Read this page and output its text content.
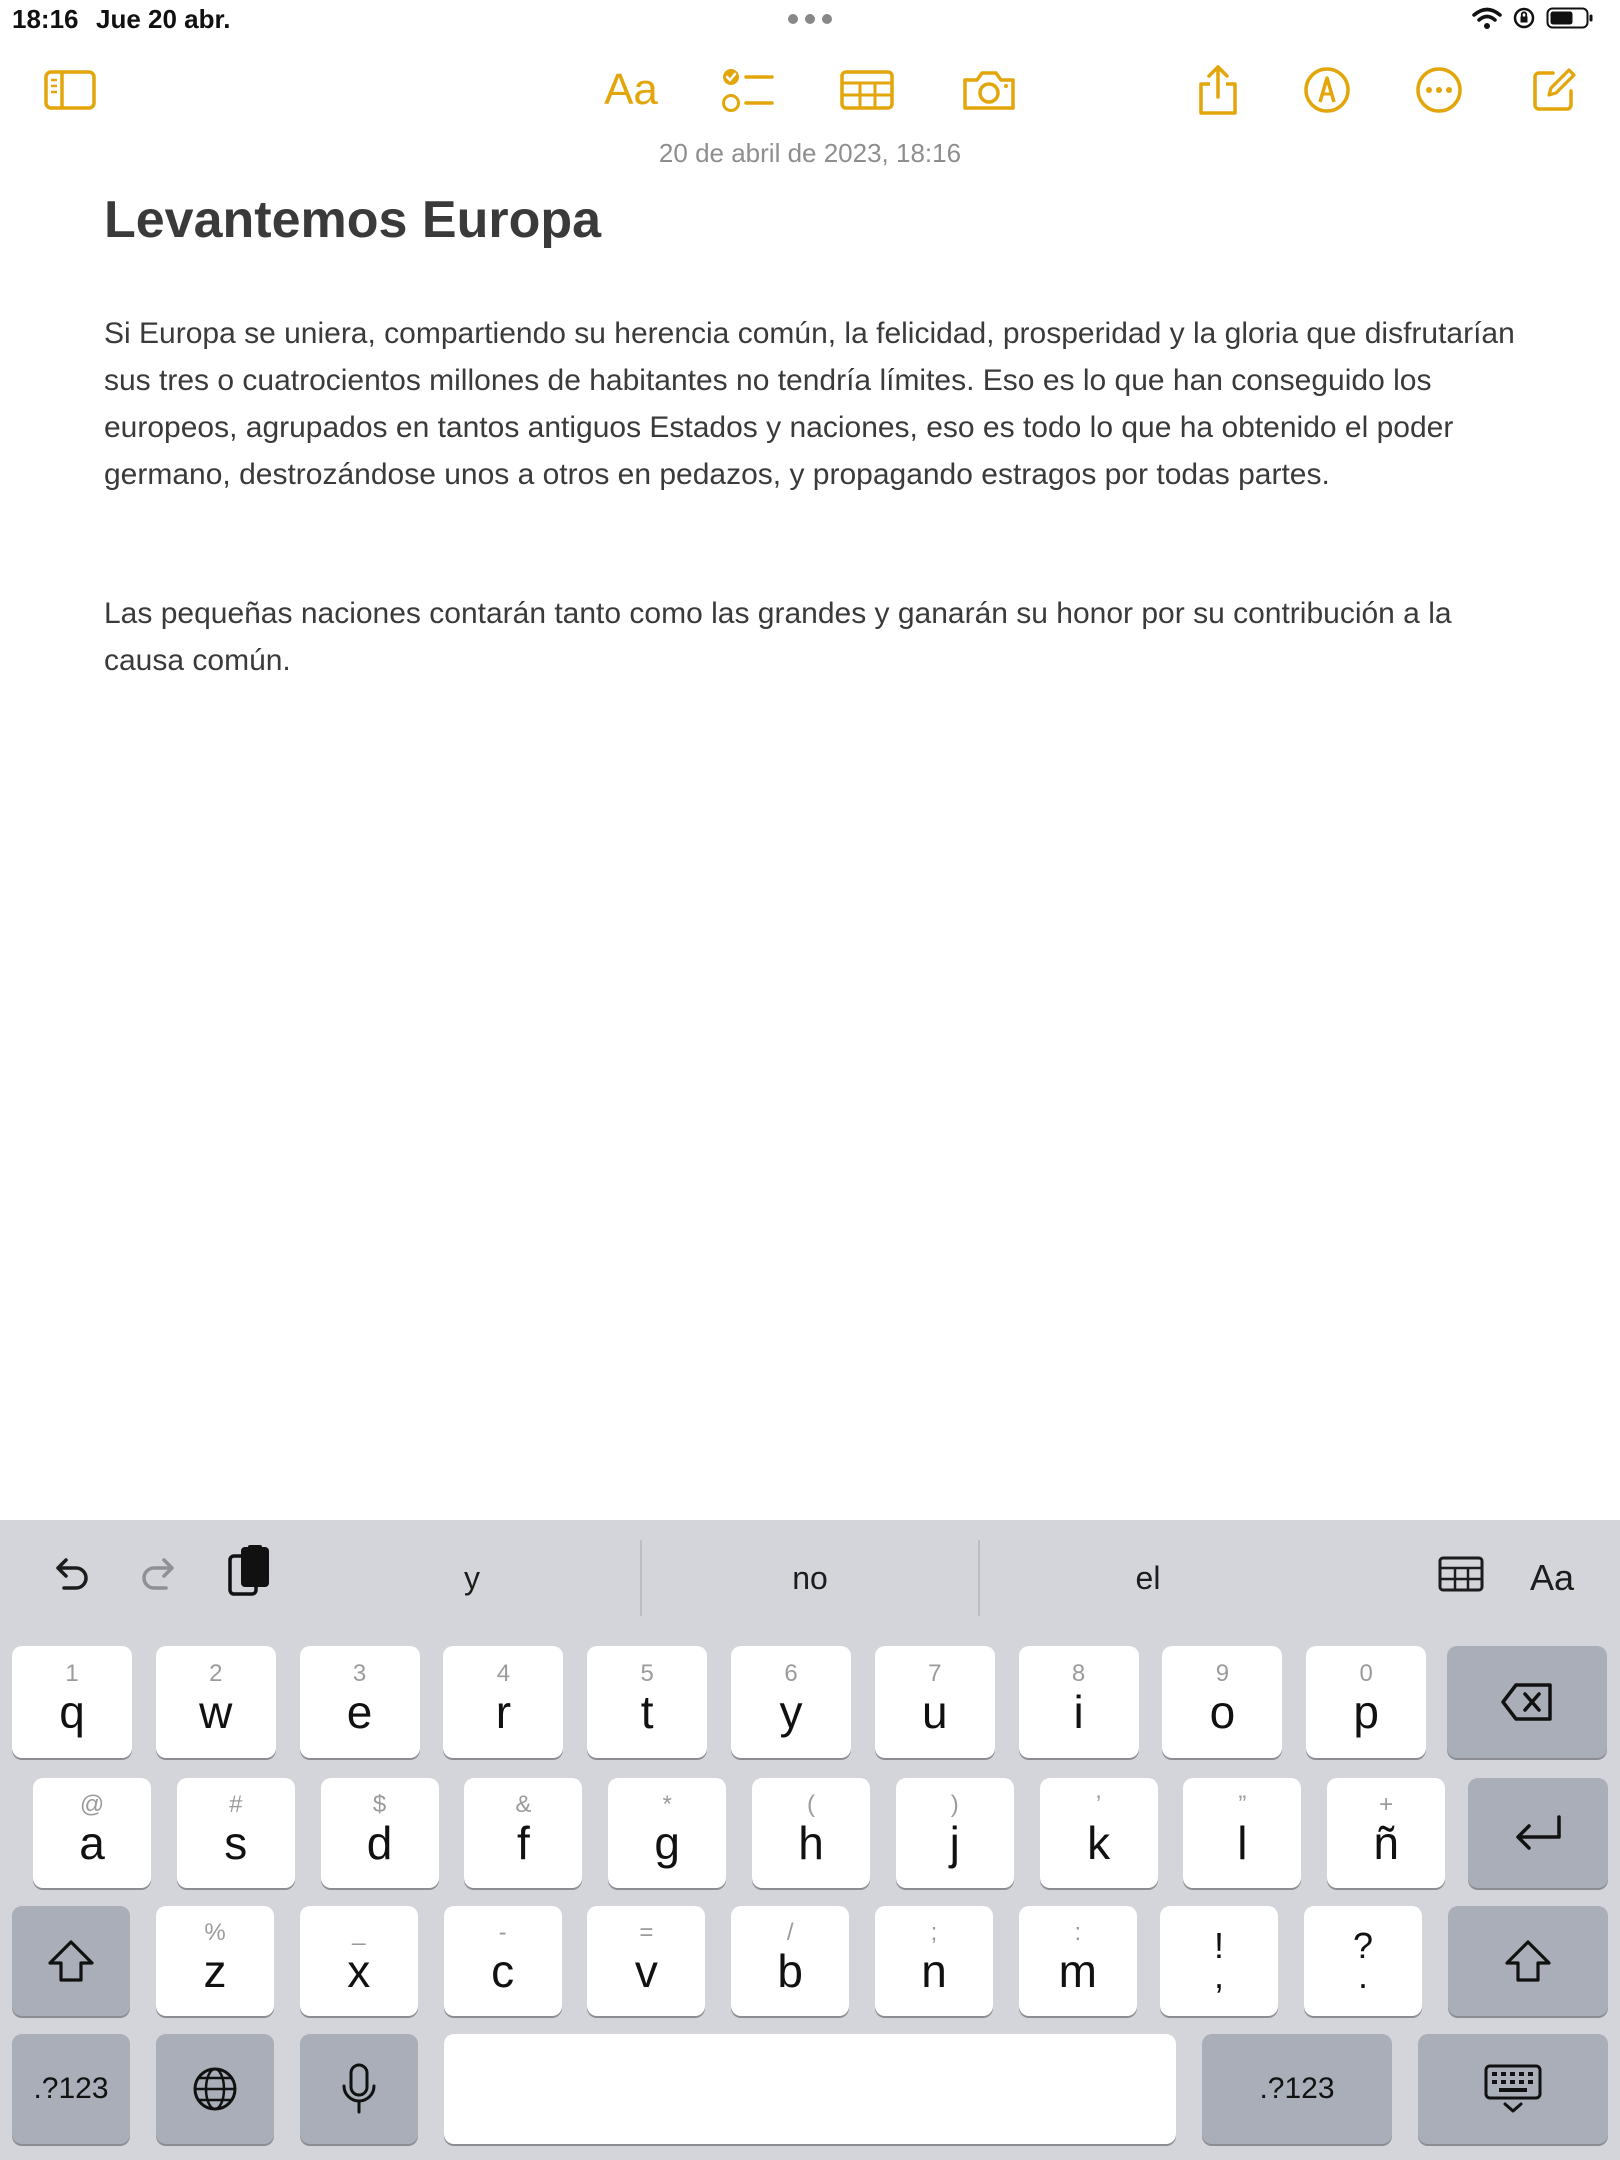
18:16 Jue 20 abr.
Aa
20 de abril de 2023, 18:16
Levantemos Europa

Si Europa se uniera, compartiendo su herencia común, la felicidad, prosperidad y la gloria que disfrutarían sus tres o cuatrocientos millones de habitantes no tendría límites. Eso es lo que han conseguido los europeos, agrupados en tantos antiguos Estados y naciones, eso es todo lo que ha obtenido el poder germano, destrozándose unos a otros en pedazos, y propagando estragos por todas partes.

Las pequeñas naciones contarán tanto como las grandes y ganarán su honor por su contribución a la causa común.

y	no	el	Aa
1
q
2
w
3
e
4
r
5
t
6
y
7
u
8
i
9
o
0
p
@
a
#
s
$
d
&
f
*
g
(
h
)
j
’
k
”
l
+
ñ
%
z
_
x
-
c
=
v
/
b
;
n
:
m	!
,
?
.
.?123	.?123
